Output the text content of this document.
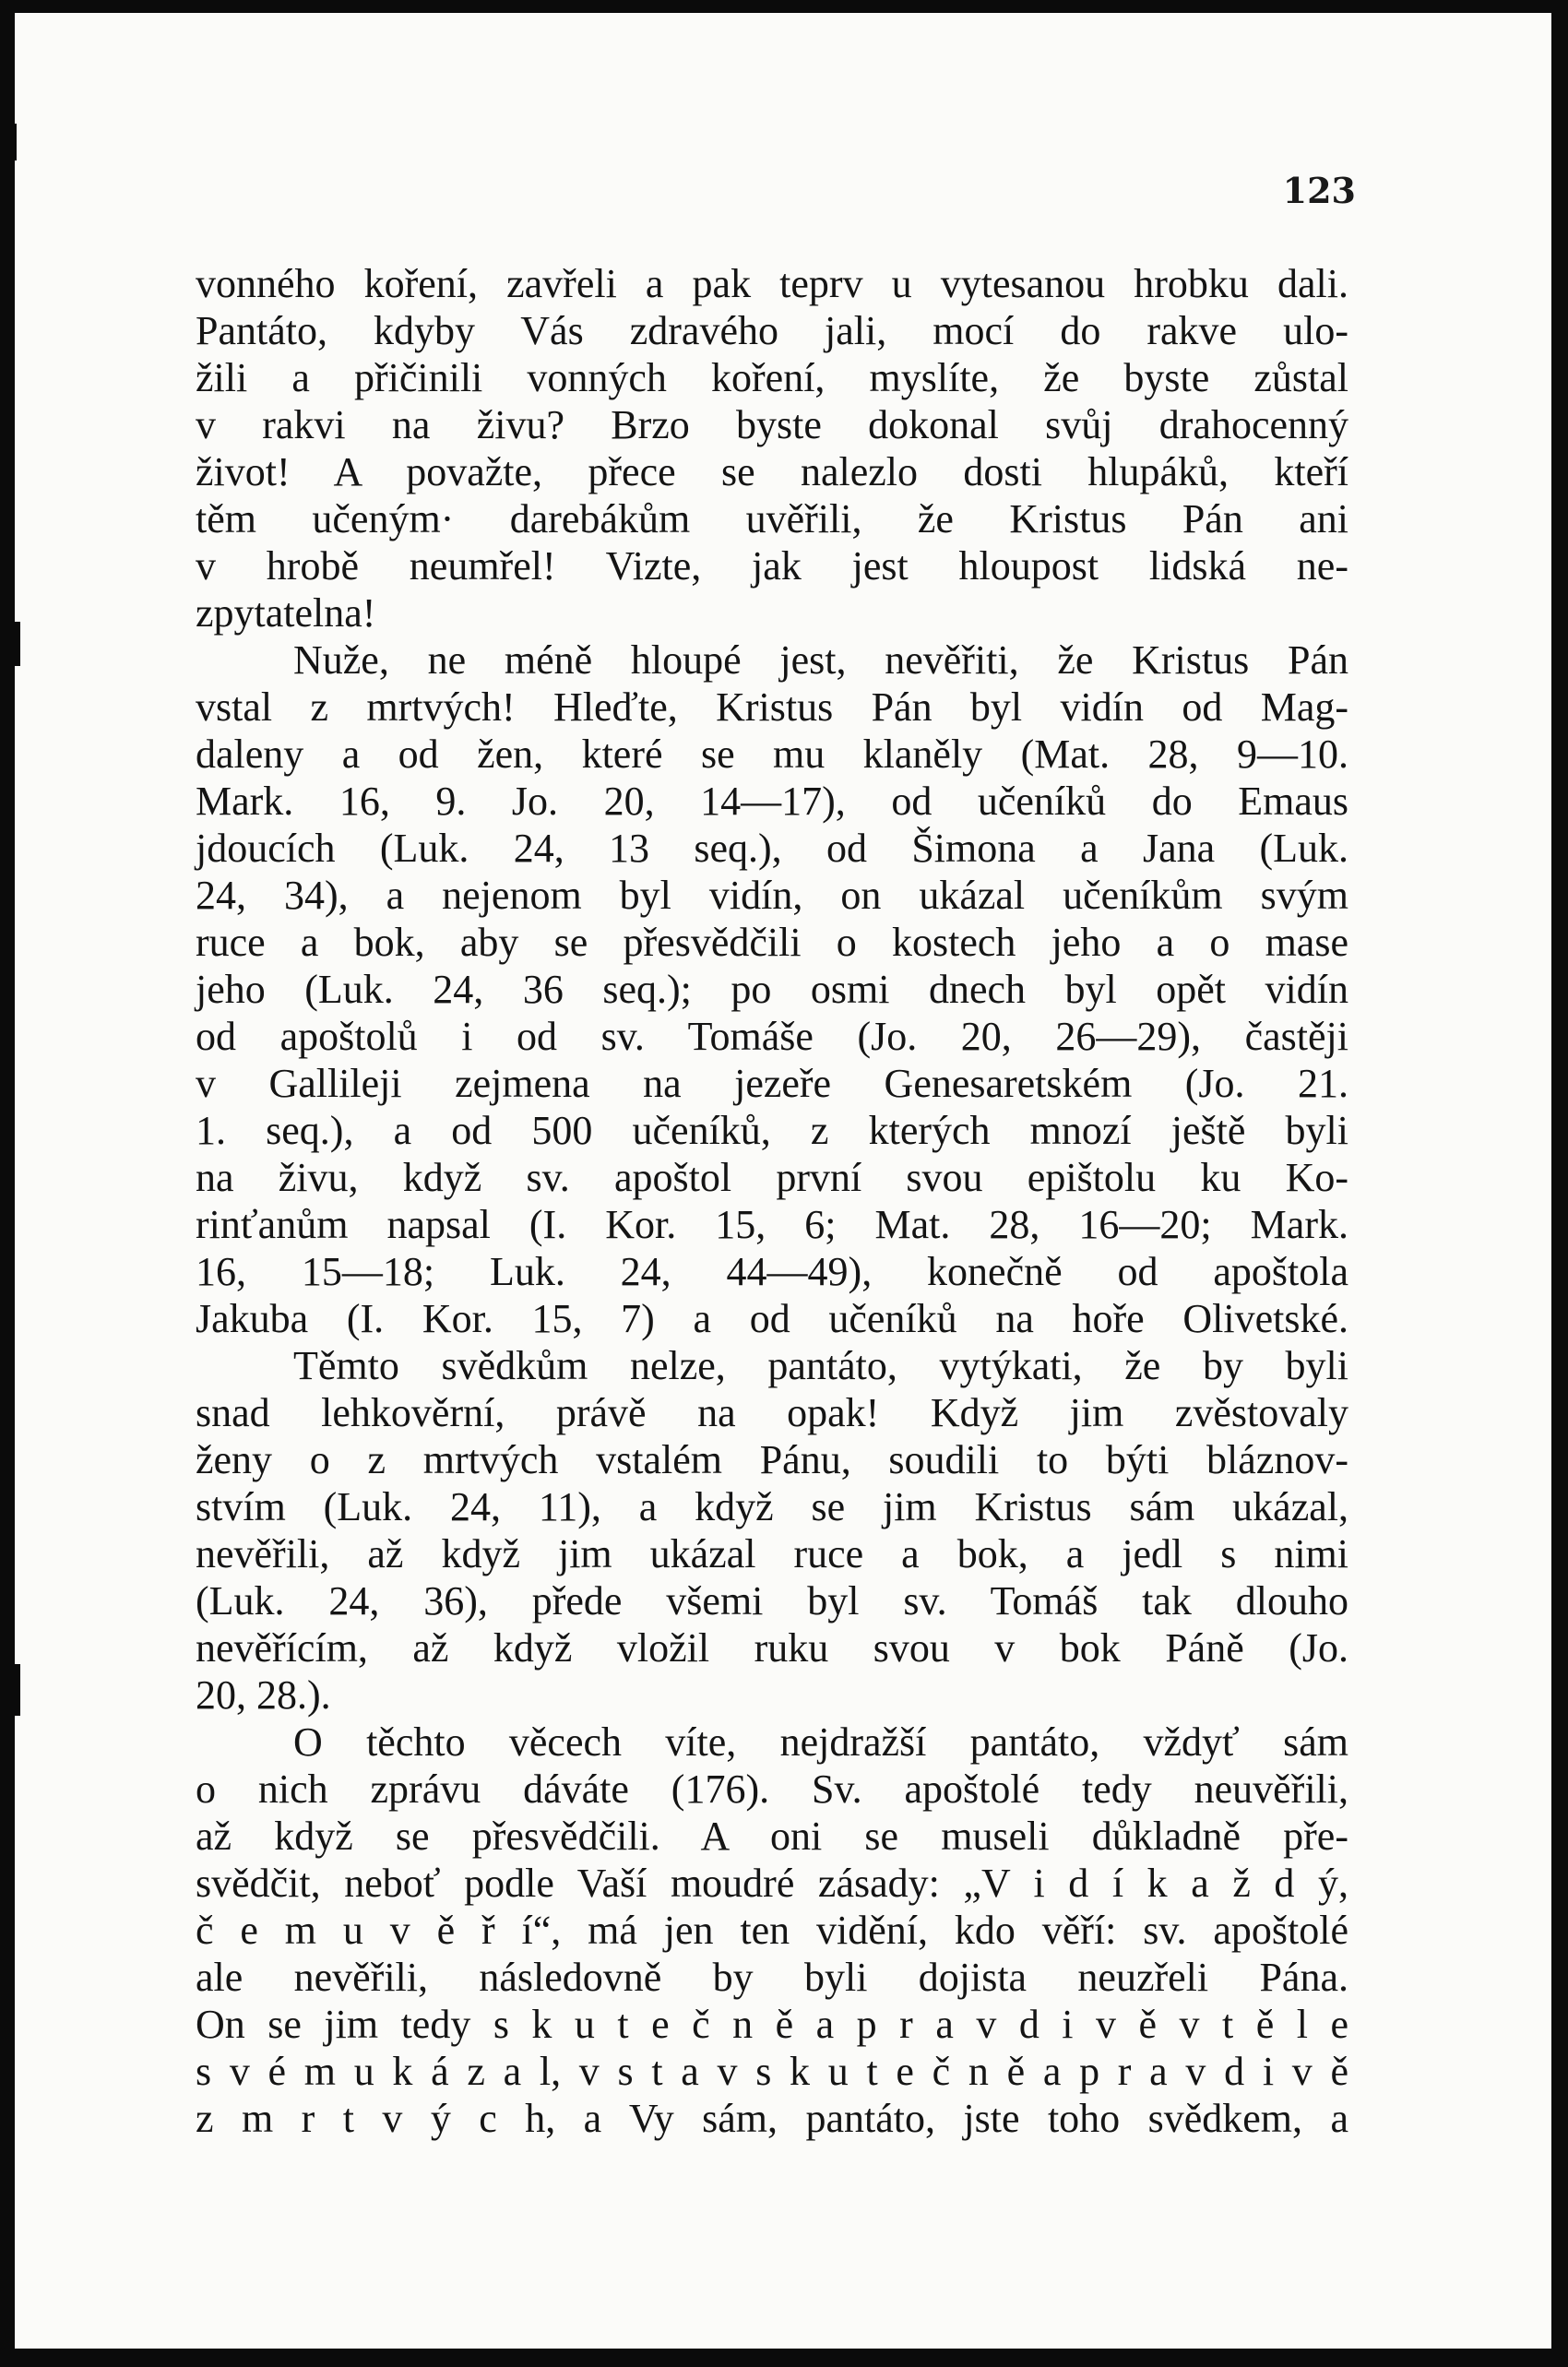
123
vonného koření, zavřeli a pak teprv u vytesanou hrobku dali.
Pantáto, kdyby Vás zdravého jali, mocí do rakve ulo-
žili a přičinili vonných koření, myslíte, že byste zůstal
v rakvi na živu? Brzo byste dokonal svůj drahocenný
život! A považte, přece se nalezlo dosti hlupáků, kteří
těm učeným· darebákům uvěřili, že Kristus Pán ani
v hrobě neumřel! Vizte, jak jest hloupost lidská ne-
zpytatelna!
Nuže, ne méně hloupé jest, nevěřiti, že Kristus Pán
vstal z mrtvých! Hleďte, Kristus Pán byl vidín od Mag-
daleny a od žen, které se mu klaněly (Mat. 28, 9—10.
Mark. 16, 9. Jo. 20, 14—17), od učeníků do Emaus
jdoucích (Luk. 24, 13 seq.), od Šimona a Jana (Luk.
24, 34), a nejenom byl vidín, on ukázal učeníkům svým
ruce a bok, aby se přesvědčili o kostech jeho a o mase
jeho (Luk. 24, 36 seq.); po osmi dnech byl opět vidín
od apoštolů i od sv. Tomáše (Jo. 20, 26—29), častěji
v Gallileji zejmena na jezeře Genesaretském (Jo. 21.
1. seq.), a od 500 učeníků, z kterých mnozí ještě byli
na živu, když sv. apoštol první svou epištolu ku Ko-
rinťanům napsal (I. Kor. 15, 6; Mat. 28, 16—20; Mark.
16, 15—18; Luk. 24, 44—49), konečně od apoštola
Jakuba (I. Kor. 15, 7) a od učeníků na hoře Olivetské.
Těmto svědkům nelze, pantáto, vytýkati, že by byli
snad lehkověrní, právě na opak! Když jim zvěstovaly
ženy o z mrtvých vstalém Pánu, soudili to býti bláznov-
stvím (Luk. 24, 11), a když se jim Kristus sám ukázal,
nevěřili, až když jim ukázal ruce a bok, a jedl s nimi
(Luk. 24, 36), přede všemi byl sv. Tomáš tak dlouho
nevěřícím, až když vložil ruku svou v bok Páně (Jo.
20, 28.).
O těchto věcech víte, nejdražší pantáto, vždyť sám
o nich zprávu dáváte (176). Sv. apoštolé tedy neuvěřili,
až když se přesvědčili. A oni se museli důkladně pře-
svědčit, neboť podle Vaší moudré zásady: „V i d í k a ž d ý,
č e m u v ě ř í“, má jen ten vidění, kdo věří: sv. apoštolé
ale nevěřili, následovně by byli dojista neuzřeli Pána.
On se jim tedy s k u t e č n ě a p r a v d i v ě v t ě l e
s v é m u k á z a l, v s t a v s k u t e č n ě a p r a v d i v ě
z m r t v ý c h, a Vy sám, pantáto, jste toho svědkem, a
